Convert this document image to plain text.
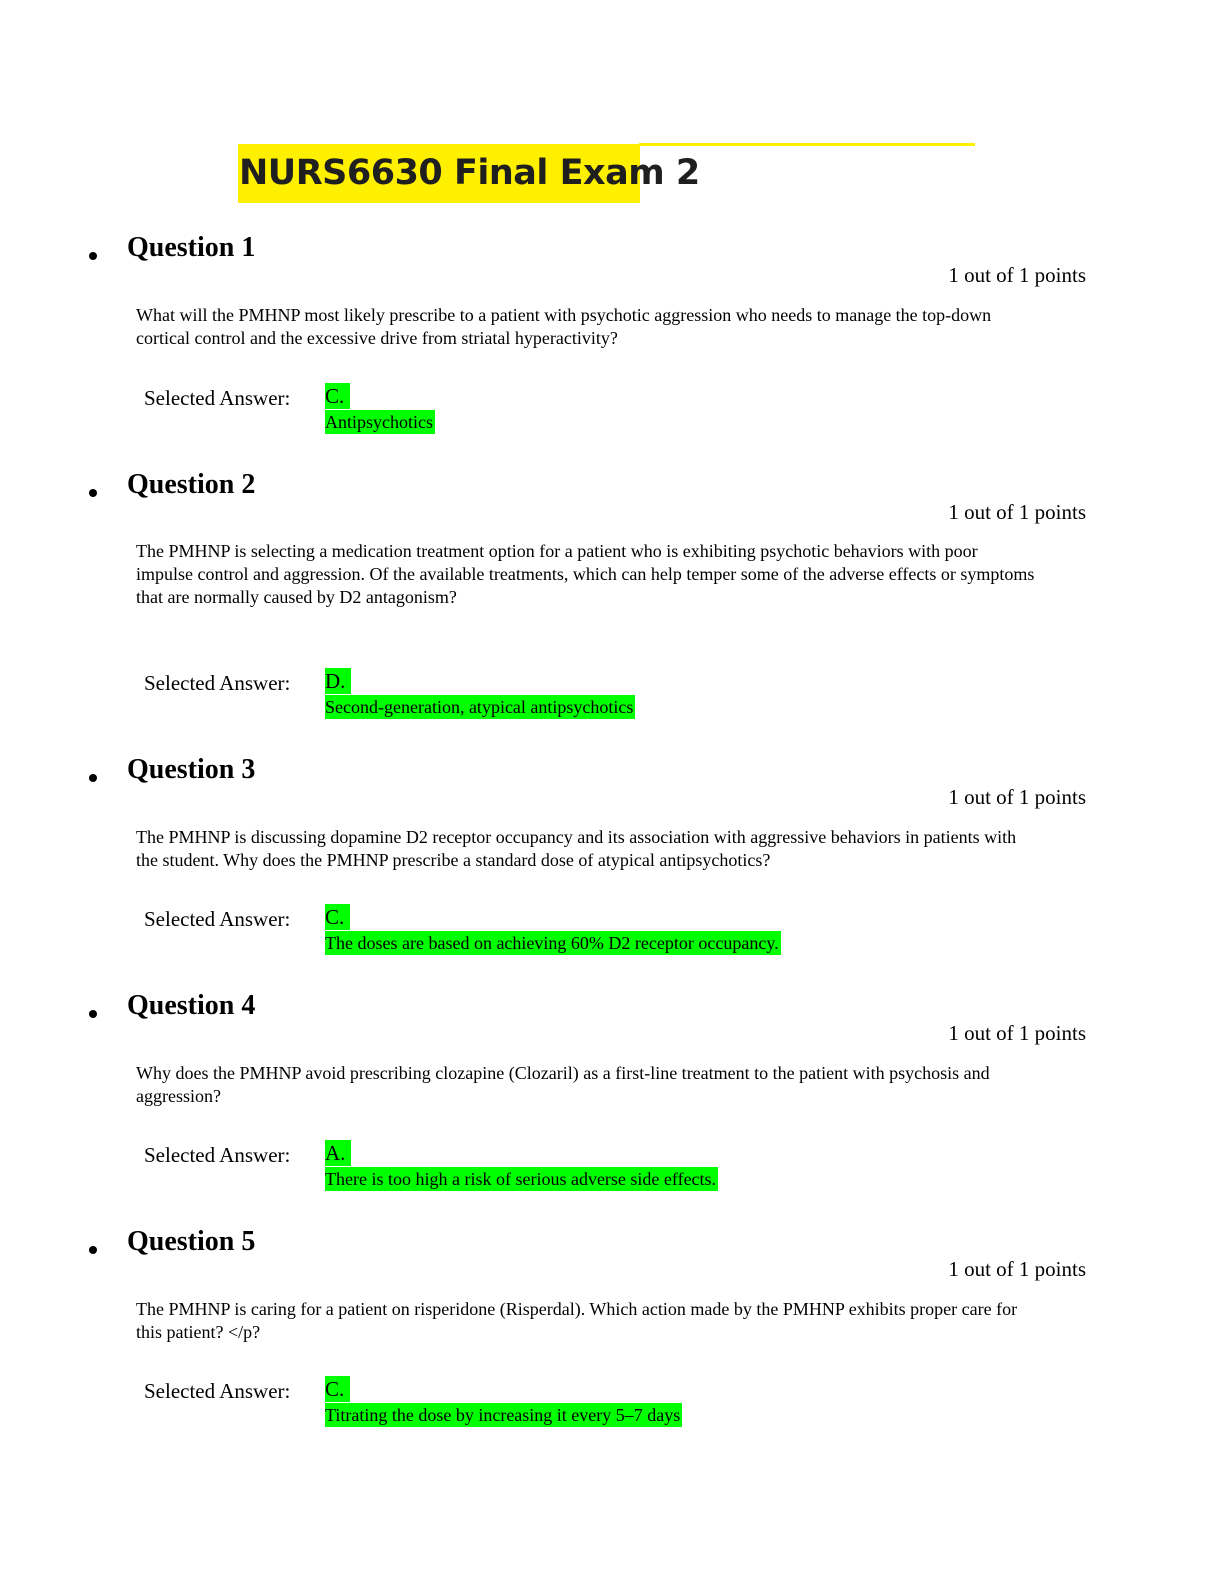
NURS6630 Final Exam 2
Question 1
1 out of 1 points
What will the PMHNP most likely prescribe to a patient with psychotic aggression who needs to manage the top-down cortical control and the excessive drive from striatal hyperactivity?
Selected Answer: C.
Antipsychotics
Question 2
1 out of 1 points
The PMHNP is selecting a medication treatment option for a patient who is exhibiting psychotic behaviors with poor impulse control and aggression. Of the available treatments, which can help temper some of the adverse effects or symptoms that are normally caused by D2 antagonism?
Selected Answer: D.
Second-generation, atypical antipsychotics
Question 3
1 out of 1 points
The PMHNP is discussing dopamine D2 receptor occupancy and its association with aggressive behaviors in patients with the student. Why does the PMHNP prescribe a standard dose of atypical antipsychotics?
Selected Answer: C.
The doses are based on achieving 60% D2 receptor occupancy.
Question 4
1 out of 1 points
Why does the PMHNP avoid prescribing clozapine (Clozaril) as a first-line treatment to the patient with psychosis and aggression?
Selected Answer: A.
There is too high a risk of serious adverse side effects.
Question 5
1 out of 1 points
The PMHNP is caring for a patient on risperidone (Risperdal). Which action made by the PMHNP exhibits proper care for this patient? </p?
Selected Answer: C.
Titrating the dose by increasing it every 5–7 days
